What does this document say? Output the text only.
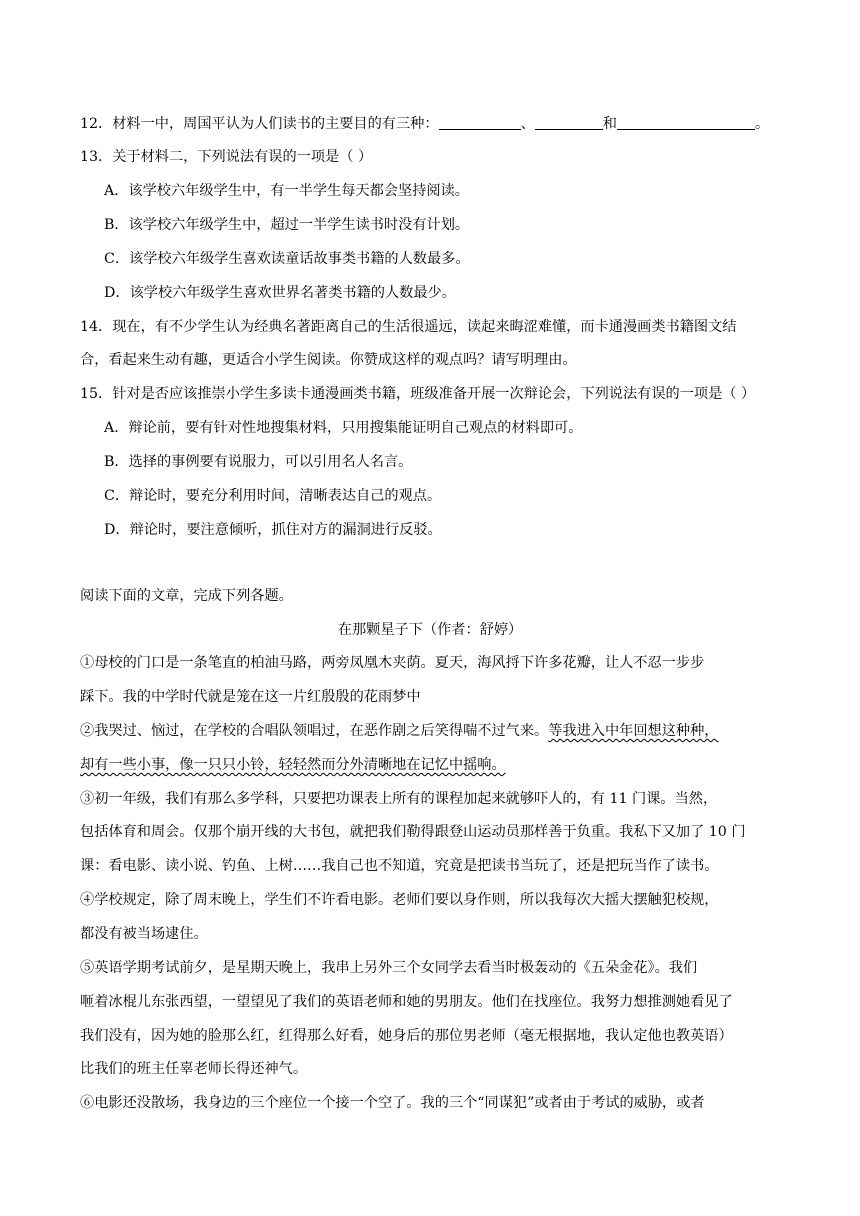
12．材料一中，周国平认为人们读书的主要目的有三种：	、	和	。
13．关于材料二，下列说法有误的一项是（ ）
A．该学校六年级学生中，有一半学生每天都会坚持阅读。
B．该学校六年级学生中，超过一半学生读书时没有计划。
C．该学校六年级学生喜欢读童话故事类书籍的人数最多。
D．该学校六年级学生喜欢世界名著类书籍的人数最少。
14．现在，有不少学生认为经典名著距离自己的生活很遥远，读起来晦涩难懂，而卡通漫画类书籍图文结
合，看起来生动有趣，更适合小学生阅读。你赞成这样的观点吗？请写明理由。
15．针对是否应该推崇小学生多读卡通漫画类书籍，班级准备开展一次辩论会，下列说法有误的一项是（ ）
A．辩论前，要有针对性地搜集材料，只用搜集能证明自己观点的材料即可。
B．选择的事例要有说服力，可以引用名人名言。
C．辩论时，要充分利用时间，清晰表达自己的观点。
D．辩论时，要注意倾听，抓住对方的漏洞进行反驳。
阅读下面的文章，完成下列各题。
在那颗星子下（作者：舒婷）
①母校的门口是一条笔直的柏油马路，两旁凤凰木夹荫。夏天，海风捋下许多花瓣，让人不忍一步步
踩下。我的中学时代就是笼在这一片红殷殷的花雨梦中
②我哭过、恼过，在学校的合唱队领唱过，在恶作剧之后笑得喘不过气来。等我进入中年回想这种种，
却有一些小事，像一只只小铃，轻轻然而分外清晰地在记忆中摇响。
③初一年级，我们有那么多学科，只要把功课表上所有的课程加起来就够吓人的，有 11 门课。当然，
包括体育和周会。仅那个崩开线的大书包，就把我们勒得跟登山运动员那样善于负重。我私下又加了 10 门
课：看电影、读小说、钓鱼、上树……我自己也不知道，究竟是把读书当玩了，还是把玩当作了读书。
④学校规定，除了周末晚上，学生们不许看电影。老师们要以身作则，所以我每次大摇大摆触犯校规，
都没有被当场逮住。
⑤英语学期考试前夕，是星期天晚上，我串上另外三个女同学去看当时极轰动的《五朵金花》。我们
咂着冰棍儿东张西望，一望望见了我们的英语老师和她的男朋友。他们在找座位。我努力想推测她看见了
我们没有，因为她的脸那么红，红得那么好看，她身后的那位男老师（毫无根据地，我认定他也教英语）
比我们的班主任辜老师长得还神气。
⑥电影还没散场，我身边的三个座位一个接一个空了。我的三个“同谋犯”或者由于考试的威胁，或者
